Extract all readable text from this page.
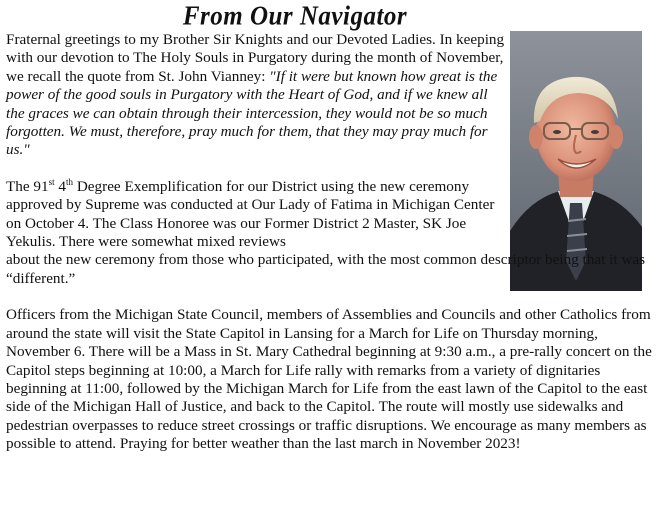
From Our Navigator

Fraternal greetings to my Brother Sir Knights and our Devoted Ladies. In keeping with our devotion to The Holy Souls in Purgatory during the month of November, we recall the quote from St. John Vianney: "If it were but known how great is the power of the good souls in Purgatory with the Heart of God, and if we knew all the graces we can obtain through their intercession, they would not be so much forgotten. We must, therefore, pray much for them, that they may pray much for us."

The 91st 4th Degree Exemplification for our District using the new ceremony approved by Supreme was conducted at Our Lady of Fatima in Michigan Center on October 4. The Class Honoree was our Former District 2 Master, SK Joe Yekulis. There were somewhat mixed reviews
about the new ceremony from those who participated, with the most common descriptor being that it was “different.”

Officers from the Michigan State Council, members of Assemblies and Councils and other Catholics from around the state will visit the State Capitol in Lansing for a March for Life on Thursday morning, November 6. There will be a Mass in St. Mary Cathedral beginning at 9:30 a.m., a pre-rally concert on the Capitol steps beginning at 10:00, a March for Life rally with remarks from a variety of dignitaries beginning at 11:00, followed by the Michigan March for Life from the east lawn of the Capitol to the east side of the Michigan Hall of Justice, and back to the Capitol. The route will mostly use sidewalks and pedestrian overpasses to reduce street crossings or traffic disruptions. We encourage as many members as possible to attend. Praying for better weather than the last march in November 2023!
